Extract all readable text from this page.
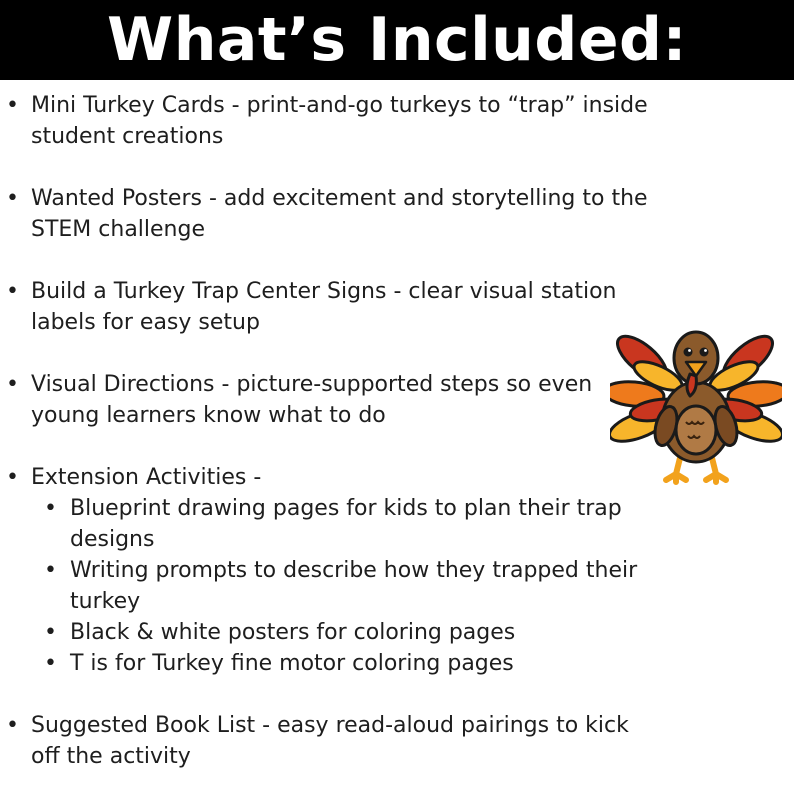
What’s Included:
• Mini Turkey Cards - print-and-go turkeys to “trap” inside
student creations
• Wanted Posters - add excitement and storytelling to the
STEM challenge
• Build a Turkey Trap Center Signs - clear visual station
labels for easy setup
• Visual Directions - picture-supported steps so even
young learners know what to do
• Extension Activities -
• Blueprint drawing pages for kids to plan their trap
designs
• Writing prompts to describe how they trapped their
turkey
• Black & white posters for coloring pages
• T is for Turkey fine motor coloring pages
• Suggested Book List - easy read-aloud pairings to kick
off the activity
